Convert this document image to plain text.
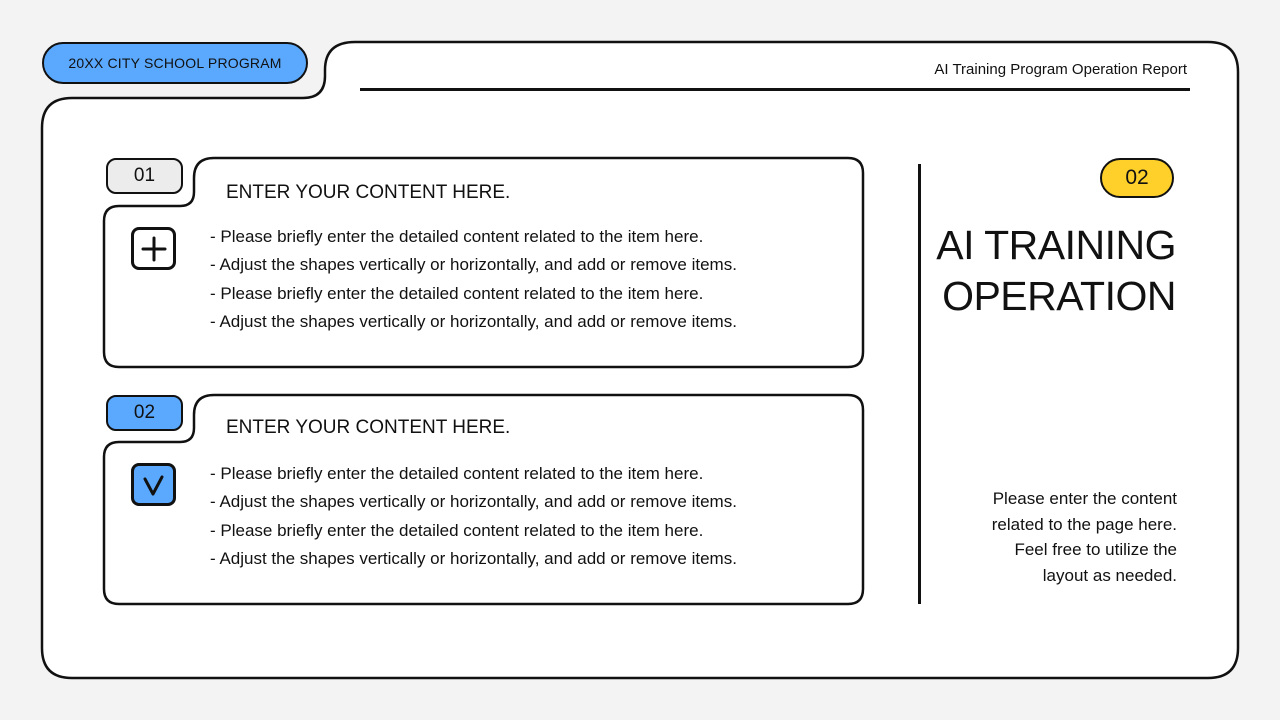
20XX CITY SCHOOL PROGRAM	AI Training Program Operation Report
01
ENTER YOUR CONTENT HERE.
- Please briefly enter the detailed content related to the item here.
- Adjust the shapes vertically or horizontally, and add or remove items.
- Please briefly enter the detailed content related to the item here.
- Adjust the shapes vertically or horizontally, and add or remove items.
02
ENTER YOUR CONTENT HERE.
- Please briefly enter the detailed content related to the item here.
- Adjust the shapes vertically or horizontally, and add or remove items.
- Please briefly enter the detailed content related to the item here.
- Adjust the shapes vertically or horizontally, and add or remove items.
02
AI TRAINING
OPERATION
Please enter the content
related to the page here.
Feel free to utilize the
layout as needed.
